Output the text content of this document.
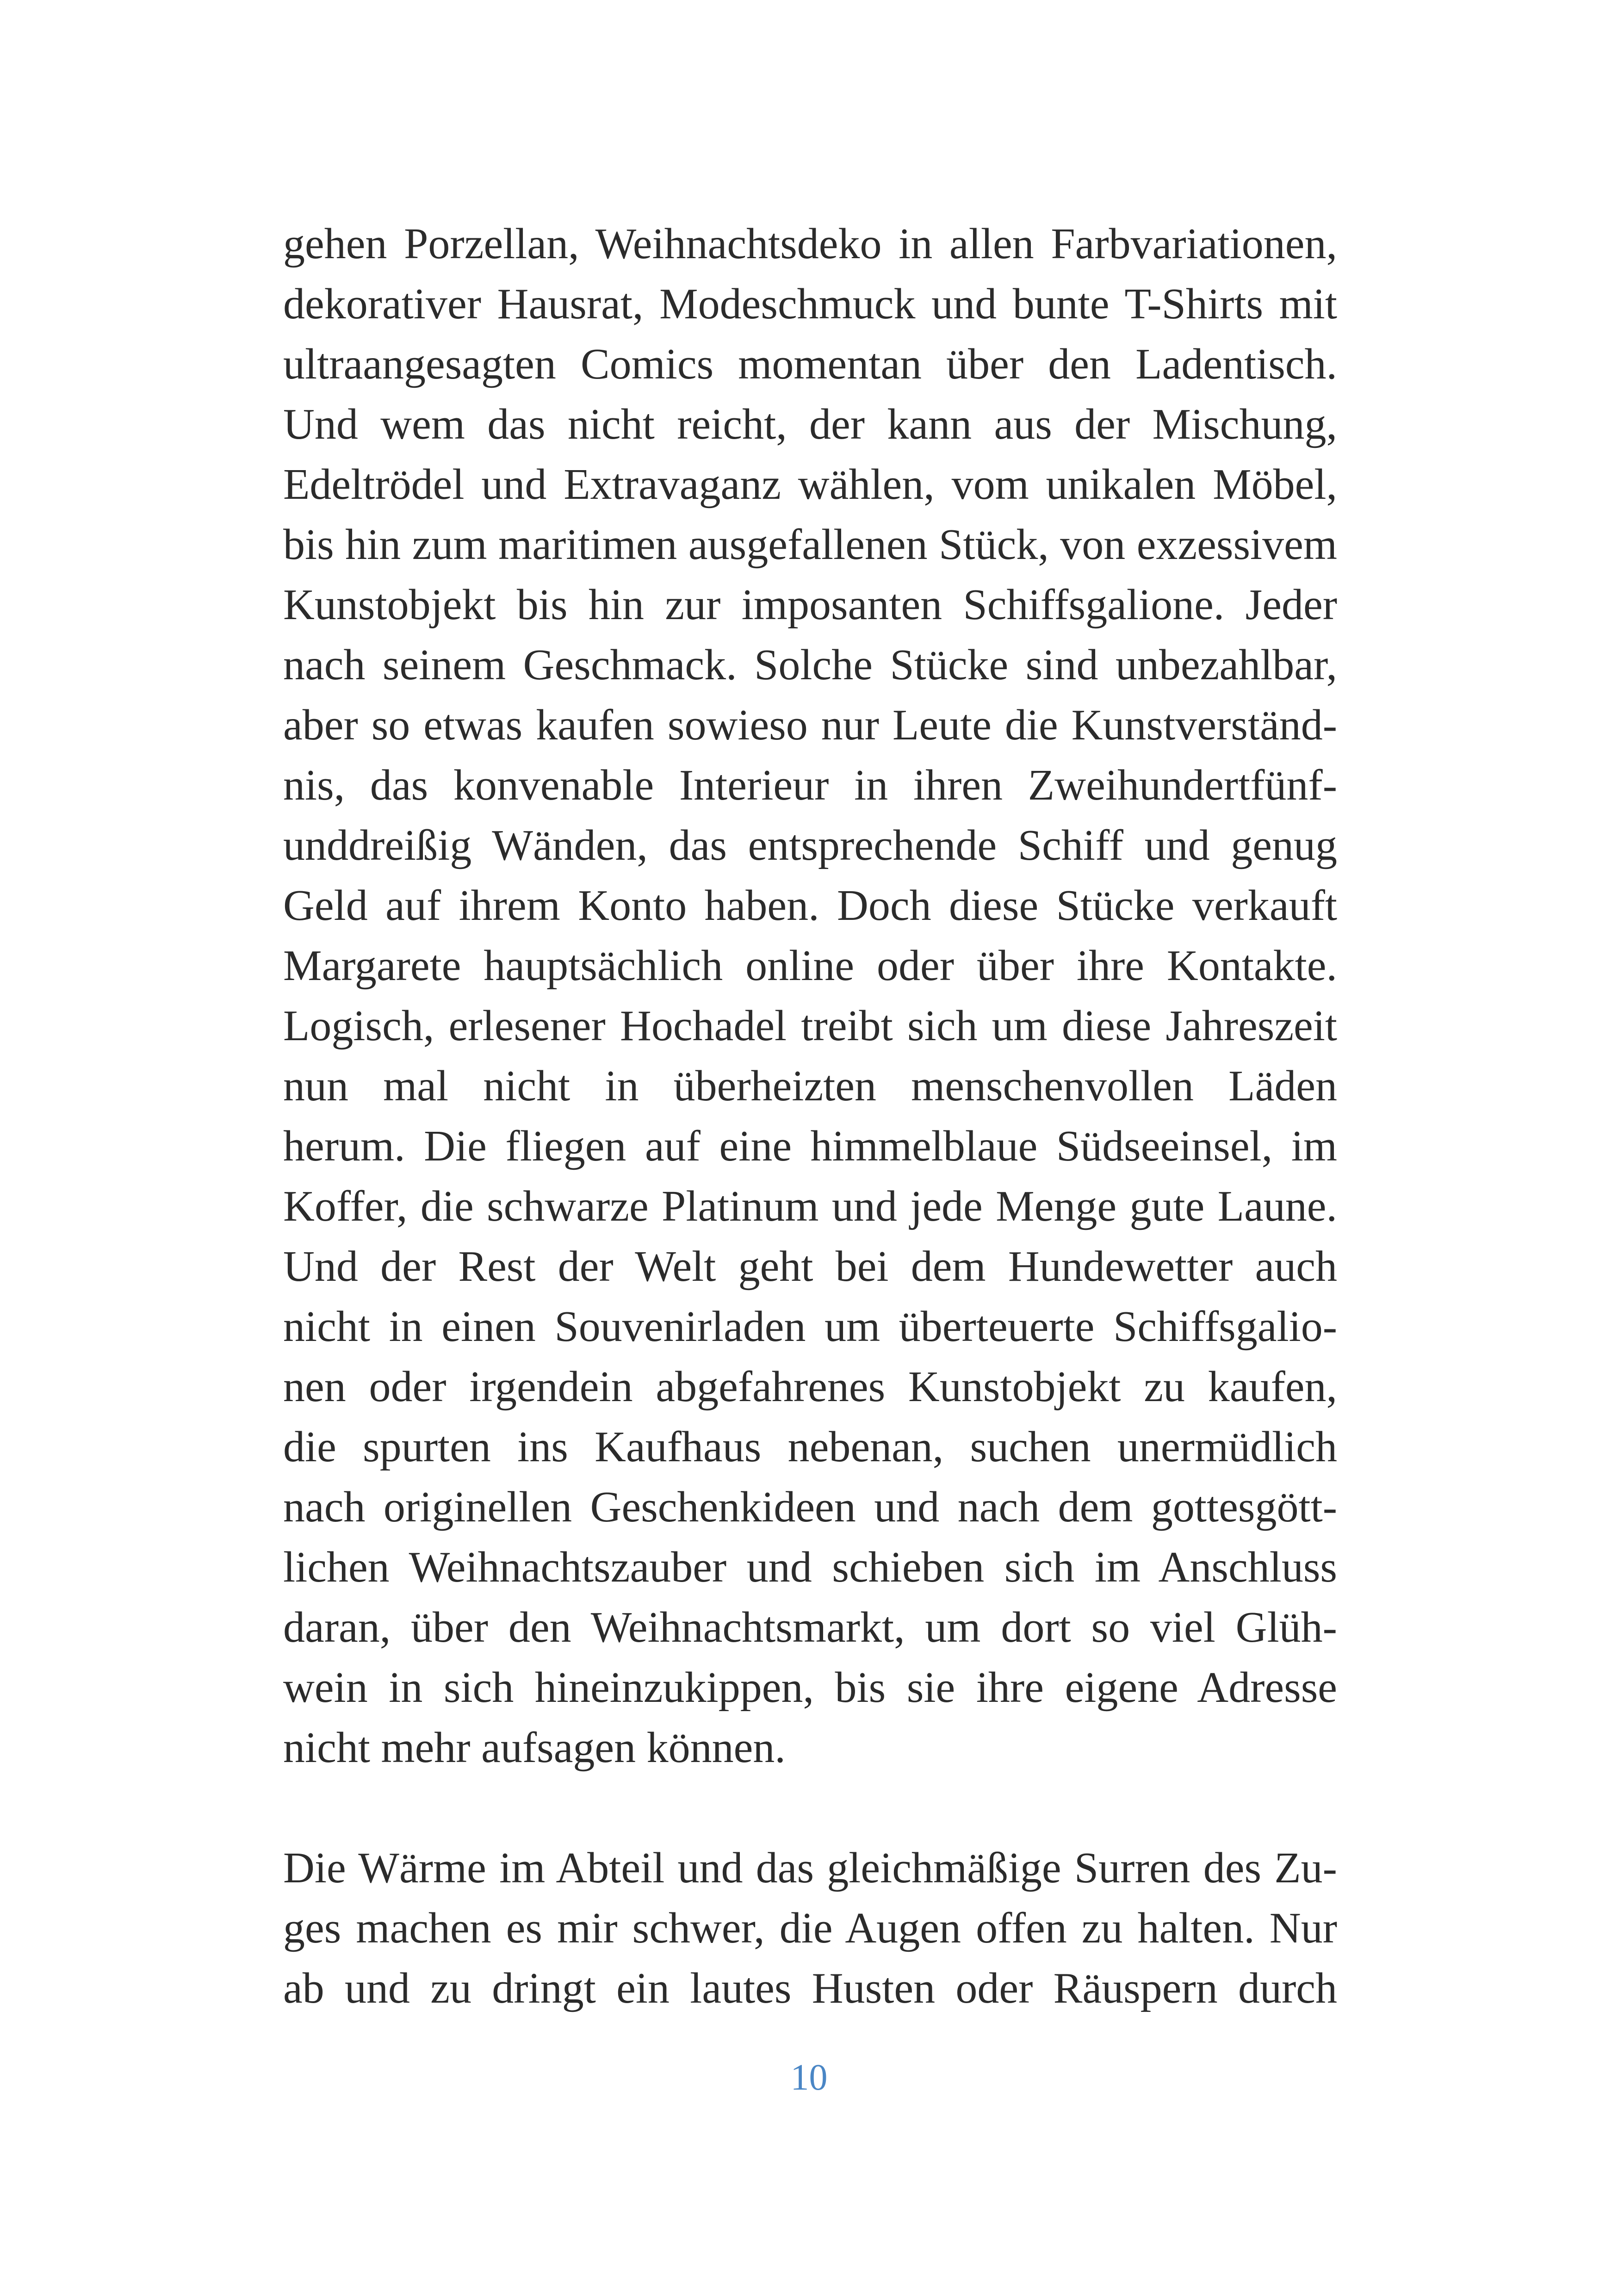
gehen Porzellan, Weihnachtsdeko in allen Farbvariationen,
dekorativer Hausrat, Modeschmuck und bunte T-Shirts mit
ultraangesagten Comics momentan über den Ladentisch.
Und wem das nicht reicht, der kann aus der Mischung,
Edeltrödel und Extravaganz wählen, vom unikalen Möbel,
bis hin zum maritimen ausgefallenen Stück, von exzessivem
Kunstobjekt bis hin zur imposanten Schiffsgalione. Jeder
nach seinem Geschmack. Solche Stücke sind unbezahlbar,
aber so etwas kaufen sowieso nur Leute die Kunstverständ-
nis, das konvenable Interieur in ihren Zweihundertfünf-
unddreißig Wänden, das entsprechende Schiff und genug
Geld auf ihrem Konto haben. Doch diese Stücke verkauft
Margarete hauptsächlich online oder über ihre Kontakte.
Logisch, erlesener Hochadel treibt sich um diese Jahreszeit
nun mal nicht in überheizten menschenvollen Läden
herum. Die fliegen auf eine himmelblaue Südseeinsel, im
Koffer, die schwarze Platinum und jede Menge gute Laune.
Und der Rest der Welt geht bei dem Hundewetter auch
nicht in einen Souvenirladen um überteuerte Schiffsgalio-
nen oder irgendein abgefahrenes Kunstobjekt zu kaufen,
die spurten ins Kaufhaus nebenan, suchen unermüdlich
nach originellen Geschenkideen und nach dem gottesgött-
lichen Weihnachtszauber und schieben sich im Anschluss
daran, über den Weihnachtsmarkt, um dort so viel Glüh-
wein in sich hineinzukippen, bis sie ihre eigene Adresse
nicht mehr aufsagen können.
Die Wärme im Abteil und das gleichmäßige Surren des Zu-
ges machen es mir schwer, die Augen offen zu halten. Nur
ab und zu dringt ein lautes Husten oder Räuspern durch
10
